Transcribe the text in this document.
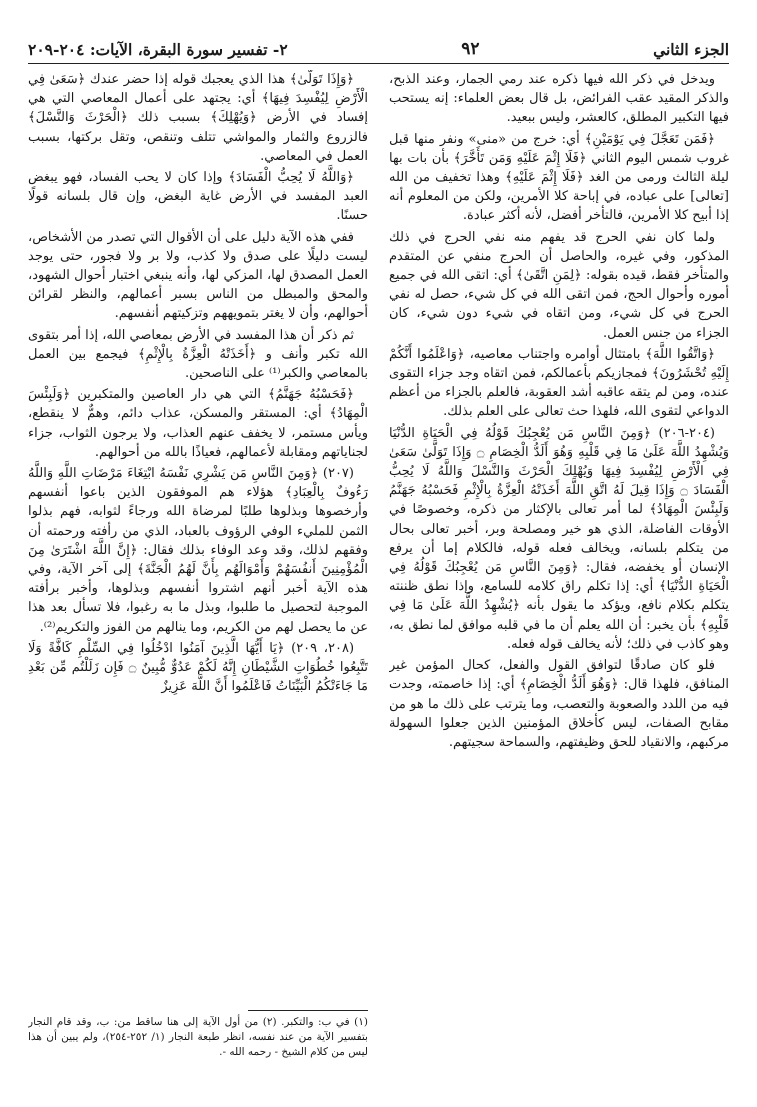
الجزء الثاني
٩٢
٢- تفسير سورة البقرة، الآيات: ٢٠٤-٢٠٩

ويدخل في ذكر الله فيها ذكره عند رمي الجمار، وعند الذبح، والذكر المقيد عقب الفرائض، بل قال بعض العلماء: إنه يستحب فيها التكبير المطلق، كالعشر، وليس ببعيد.

﴿فَمَن تَعَجَّلَ فِي يَوْمَيْنِ﴾ أي: خرج من «منى» ونفر منها قبل غروب شمس اليوم الثاني ﴿فَلَا إِثْمَ عَلَيْهِ وَمَن تَأَخَّرَ﴾ بأن بات بها ليلة الثالث ورمى من الغد ﴿فَلَا إِثْمَ عَلَيْهِ﴾ وهذا تخفيف من الله [تعالى] على عباده، في إباحة كلا الأمرين، ولكن من المعلوم أنه إذا أبيح كلا الأمرين، فالتأخر أفضل، لأنه أكثر عبادة.

ولما كان نفي الحرج قد يفهم منه نفي الحرج في ذلك المذكور، وفي غيره، والحاصل أن الحرج منفي عن المتقدم والمتأخر فقط، قيده بقوله: ﴿لِمَنِ اتَّقَىٰ﴾ أي: اتقى الله في جميع أموره وأحوال الحج، فمن اتقى الله في كل شيء، حصل له نفي الحرج في كل شيء، ومن اتقاه في شيء دون شيء، كان الجزاء من جنس العمل.

﴿وَاتَّقُوا اللَّهَ﴾ بامتثال أوامره واجتناب معاصيه، ﴿وَاعْلَمُوا أَنَّكُمْ إِلَيْهِ تُحْشَرُونَ﴾ فمجازيكم بأعمالكم، فمن اتقاه وجد جزاء التقوى عنده، ومن لم يتقه عاقبه أشد العقوبة، فالعلم بالجزاء من أعظم الدواعي لتقوى الله، فلهذا حث تعالى على العلم بذلك.

(٢٠٤-٢٠٦) ﴿وَمِنَ النَّاسِ مَن يُعْجِبُكَ قَوْلُهُ فِي الْحَيَاةِ الدُّنْيَا وَيُشْهِدُ اللَّهَ عَلَىٰ مَا فِي قَلْبِهِ وَهُوَ أَلَدُّ الْخِصَامِ ۝ وَإِذَا تَوَلَّىٰ سَعَىٰ فِي الْأَرْضِ لِيُفْسِدَ فِيهَا وَيُهْلِكَ الْحَرْثَ وَالنَّسْلَ وَاللَّهُ لَا يُحِبُّ الْفَسَادَ ۝ وَإِذَا قِيلَ لَهُ اتَّقِ اللَّهَ أَخَذَتْهُ الْعِزَّةُ بِالْإِثْمِ فَحَسْبُهُ جَهَنَّمُ وَلَبِئْسَ الْمِهَادُ﴾ لما أمر تعالى بالإكثار من ذكره، وخصوصًا في الأوقات الفاضلة، الذي هو خير ومصلحة وبر، أخبر تعالى بحال من يتكلم بلسانه، ويخالف فعله قوله، فالكلام إما أن يرفع الإنسان أو يخفضه، فقال: ﴿وَمِنَ النَّاسِ مَن يُعْجِبُكَ قَوْلُهُ فِي الْحَيَاةِ الدُّنْيَا﴾ أي: إذا تكلم راق كلامه للسامع، وإذا نطق ظننته يتكلم بكلام نافع، ويؤكد ما يقول بأنه ﴿يُشْهِدُ اللَّهَ عَلَىٰ مَا فِي قَلْبِهِ﴾ بأن يخبر: أن الله يعلم أن ما في قلبه موافق لما نطق به، وهو كاذب في ذلك؛ لأنه يخالف قوله فعله.

فلو كان صادقًا لتوافق القول والفعل، كحال المؤمن غير المنافق، فلهذا قال: ﴿وَهُوَ أَلَدُّ الْخِصَامِ﴾ أي: إذا خاصمته، وجدت فيه من اللدد والصعوبة والتعصب، وما يترتب على ذلك ما هو من مقابح الصفات، ليس كأخلاق المؤمنين الذين جعلوا السهولة مركبهم، والانقياد للحق وظيفتهم، والسماحة سجيتهم.

﴿وَإِذَا تَوَلَّىٰ﴾ هذا الذي يعجبك قوله إذا حضر عندك ﴿سَعَىٰ فِي الْأَرْضِ لِيُفْسِدَ فِيهَا﴾ أي: يجتهد على أعمال المعاصي التي هي إفساد في الأرض ﴿وَيُهْلِكَ﴾ بسبب ذلك ﴿الْحَرْثَ وَالنَّسْلَ﴾ فالزروع والثمار والمواشي تتلف وتنقص، وتقل بركتها، بسبب العمل في المعاصي.

﴿وَاللَّهُ لَا يُحِبُّ الْفَسَادَ﴾ وإذا كان لا يحب الفساد، فهو يبغض العبد المفسد في الأرض غاية البغض، وإن قال بلسانه قولًا حسنًا.

ففي هذه الآية دليل على أن الأقوال التي تصدر من الأشخاص، ليست دليلًا على صدق ولا كذب، ولا بر ولا فجور، حتى يوجد العمل المصدق لها، المزكي لها، وأنه ينبغي اختبار أحوال الشهود، والمحق والمبطل من الناس بسبر أعمالهم، والنظر لقرائن أحوالهم، وأن لا يغتر بتمويههم وتزكيتهم أنفسهم.

ثم ذكر أن هذا المفسد في الأرض بمعاصي الله، إذا أمر بتقوى الله تكبر وأنف و ﴿أَخَذَتْهُ الْعِزَّةُ بِالْإِثْمِ﴾ فيجمع بين العمل بالمعاصي والكبر⁽¹⁾ على الناصحين.

﴿فَحَسْبُهُ جَهَنَّمُ﴾ التي هي دار العاصين والمتكبرين ﴿وَلَبِئْسَ الْمِهَادُ﴾ أي: المستقر والمسكن، عذاب دائم، وهمٌّ لا ينقطع، ويأس مستمر، لا يخفف عنهم العذاب، ولا يرجون الثواب، جزاء لجناياتهم ومقابلة لأعمالهم، فعياذًا بالله من أحوالهم.

(٢٠٧) ﴿وَمِنَ النَّاسِ مَن يَشْرِي نَفْسَهُ ابْتِغَاءَ مَرْضَاتِ اللَّهِ وَاللَّهُ رَءُوفٌ بِالْعِبَادِ﴾ هؤلاء هم الموفقون الذين باعوا أنفسهم وأرخصوها وبذلوها طلبًا لمرضاة الله ورجاءً لثوابه، فهم بذلوا الثمن للمليء الوفي الرؤوف بالعباد، الذي من رأفته ورحمته أن وفقهم لذلك، وقد وعد الوفاء بذلك فقال: ﴿إِنَّ اللَّهَ اشْتَرَىٰ مِنَ الْمُؤْمِنِينَ أَنفُسَهُمْ وَأَمْوَالَهُم بِأَنَّ لَهُمُ الْجَنَّةَ﴾ إلى آخر الآية، وفي هذه الآية أخبر أنهم اشتروا أنفسهم وبذلوها، وأخبر برأفته الموجبة لتحصيل ما طلبوا، وبذل ما به رغبوا، فلا تسأل بعد هذا عن ما يحصل لهم من الكريم، وما ينالهم من الفوز والتكريم⁽²⁾.

(٢٠٨، ٢٠٩) ﴿يَا أَيُّهَا الَّذِينَ آمَنُوا ادْخُلُوا فِي السِّلْمِ كَافَّةً وَلَا تَتَّبِعُوا خُطُوَاتِ الشَّيْطَانِ إِنَّهُ لَكُمْ عَدُوٌّ مُّبِينٌ ۝ فَإِن زَلَلْتُم مِّن بَعْدِ مَا جَاءَتْكُمُ الْبَيِّنَاتُ فَاعْلَمُوا أَنَّ اللَّهَ عَزِيزٌ

(١) في ب: والتكبر. (٢) من أول الآية إلى هنا ساقط من: ب، وقد قام النجار بتفسير الآية من عند نفسه، انظر طبعة النجار (١/ ٢٥٢-٢٥٤)، ولم يبين أن هذا ليس من كلام الشيخ - رحمه الله -.
